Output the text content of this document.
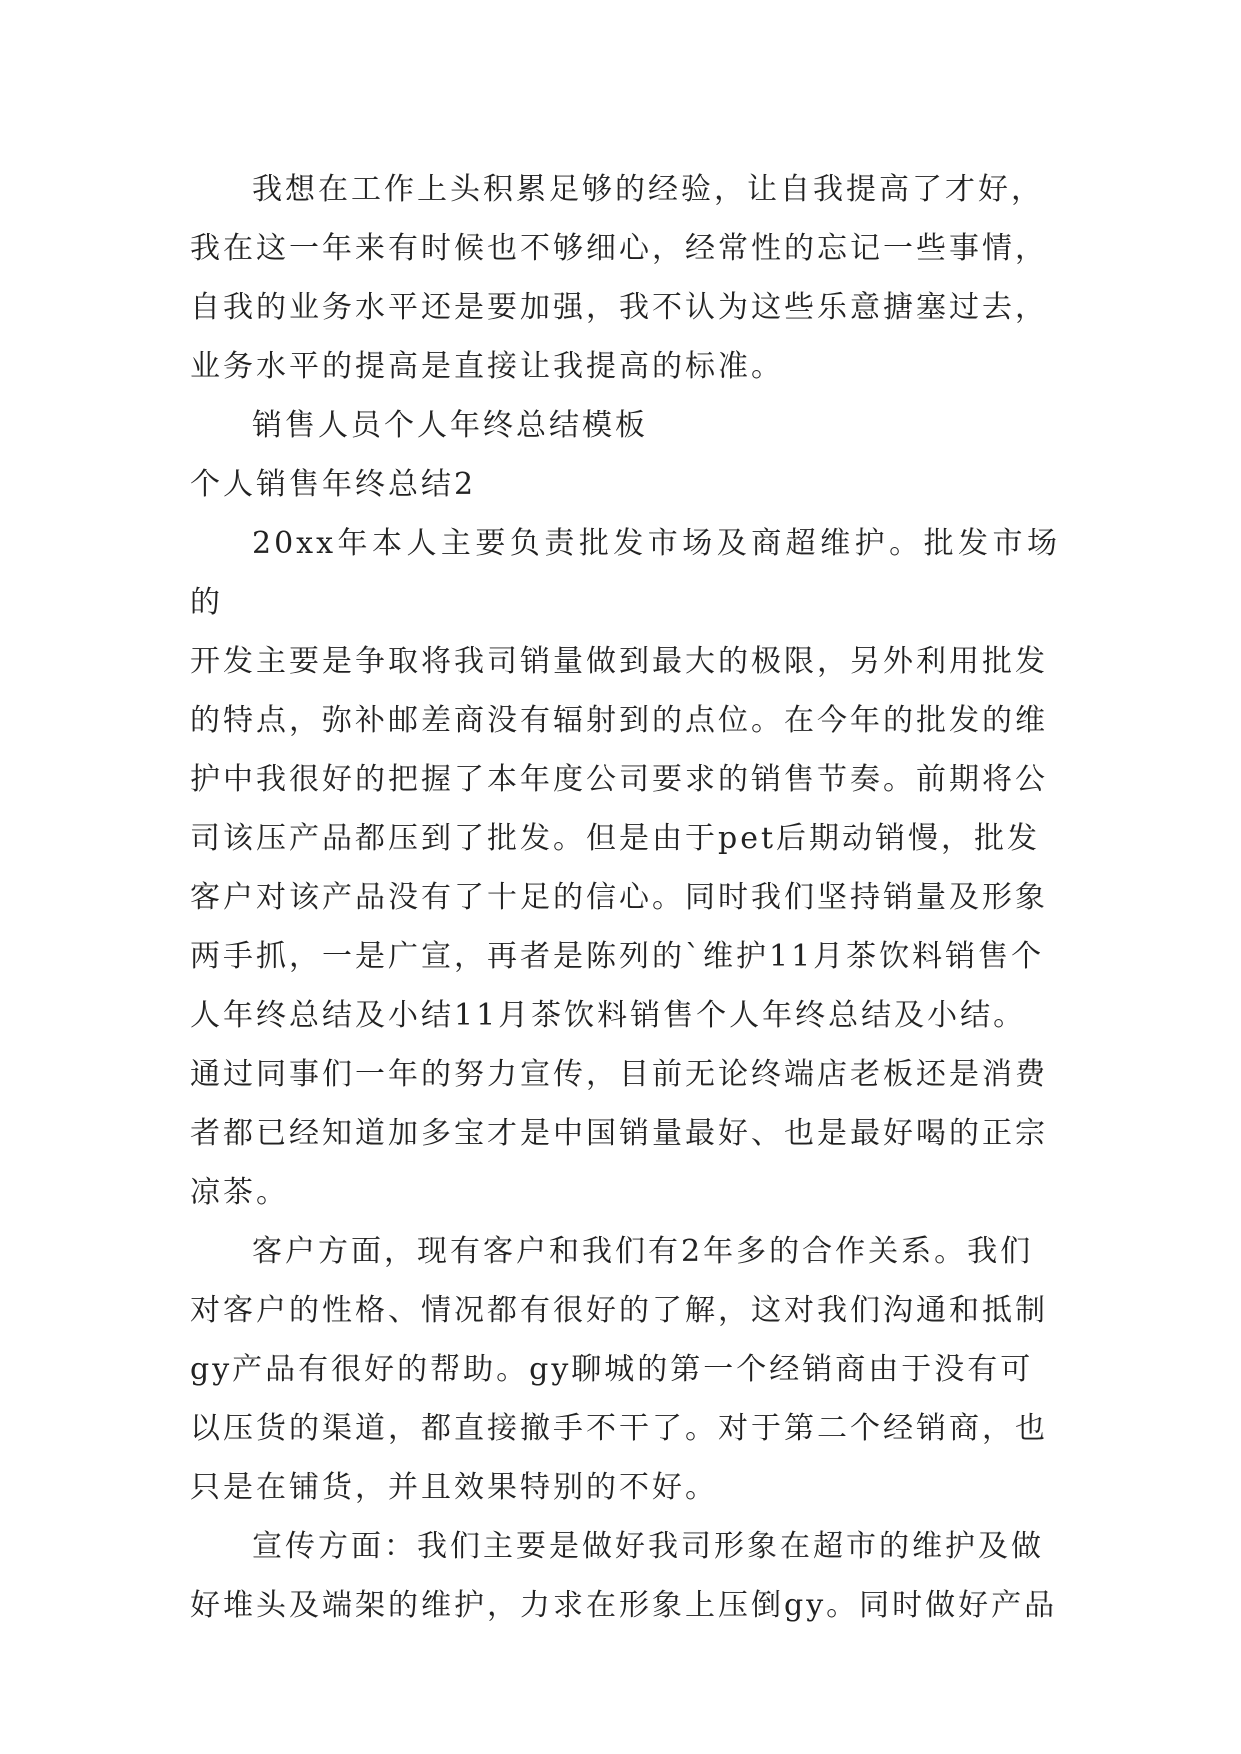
我想在工作上头积累足够的经验，让自我提高了才好，
我在这一年来有时候也不够细心，经常性的忘记一些事情，
自我的业务水平还是要加强，我不认为这些乐意搪塞过去，
业务水平的提高是直接让我提高的标准。

销售人员个人年终总结模板

个人销售年终总结2

20xx年本人主要负责批发市场及商超维护。批发市场的
开发主要是争取将我司销量做到最大的极限，另外利用批发
的特点，弥补邮差商没有辐射到的点位。在今年的批发的维
护中我很好的把握了本年度公司要求的销售节奏。前期将公
司该压产品都压到了批发。但是由于pet后期动销慢，批发
客户对该产品没有了十足的信心。同时我们坚持销量及形象
两手抓，一是广宣，再者是陈列的`维护11月茶饮料销售个
人年终总结及小结11月茶饮料销售个人年终总结及小结。
通过同事们一年的努力宣传，目前无论终端店老板还是消费
者都已经知道加多宝才是中国销量最好、也是最好喝的正宗
凉茶。

客户方面，现有客户和我们有2年多的合作关系。我们
对客户的性格、情况都有很好的了解，这对我们沟通和抵制
gy产品有很好的帮助。gy聊城的第一个经销商由于没有可
以压货的渠道，都直接撤手不干了。对于第二个经销商，也
只是在铺货，并且效果特别的不好。

宣传方面：我们主要是做好我司形象在超市的维护及做
好堆头及端架的维护，力求在形象上压倒gy。同时做好产品
